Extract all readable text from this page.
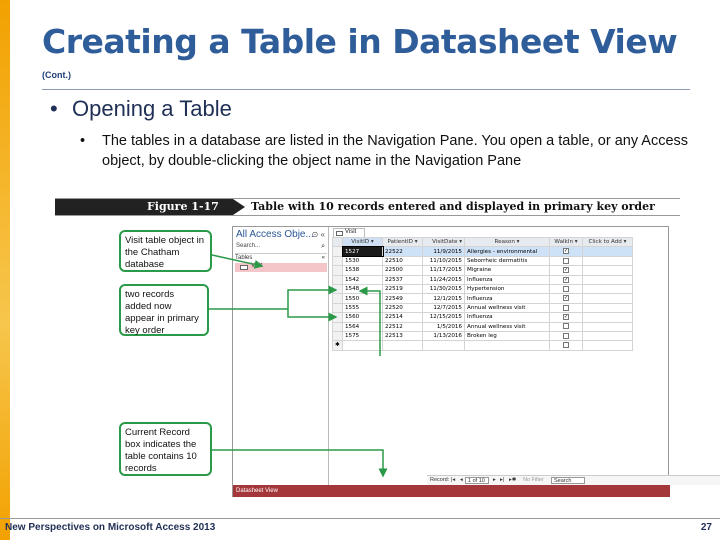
Creating a Table in Datasheet View
(Cont.)
• Opening a Table
• The tables in a database are listed in the Navigation Pane. You open a table, or any Access object, by double-clicking the object name in the Navigation Pane
Figure 1-17	Table with 10 records entered and displayed in primary key order
Visit table object in the Chatham database
two records added now appear in primary key order
Current Record box indicates the table contains 10 records
All Access Obje...
⊙ «
Search...	⌕
Tables	«
Visit
Visit
	VisitID ▾	PatientID ▾	VisitDate ▾	Reason ▾	WalkIn ▾	Click to Add ▾
	1527	22522	11/9/2015	Allergies - environmental	✓	
	1530	22510	11/10/2015	Seborrheic dermatitis		
	1538	22500	11/17/2015	Migraine	✓	
	1542	22537	11/24/2015	Influenza	✓	
	1548	22519	11/30/2015	Hypertension		
	1550	22549	12/1/2015	Influenza	✓	
	1555	22520	12/7/2015	Annual wellness visit		
	1560	22514	12/15/2015	Influenza	✓	
	1564	22512	1/5/2016	Annual wellness visit		
	1575	22513	1/13/2016	Broken leg		
✱						
Record: |◂ ◂ 1 of 10	▸ ▸| ▸✱ No Filter	Search
Datasheet View
New Perspectives on Microsoft Access 2013	27
